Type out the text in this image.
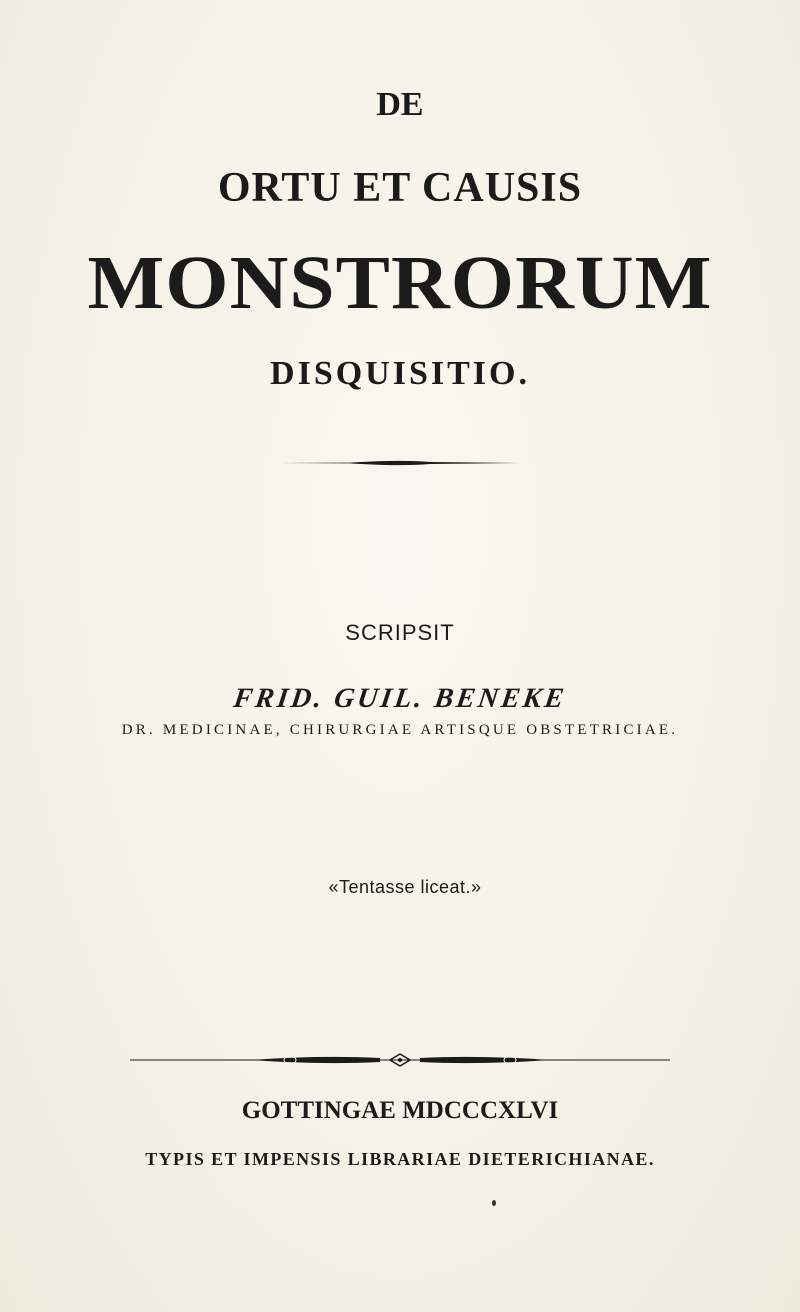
DE
ORTU ET CAUSIS
MONSTRORUM
DISQUISITIO.
SCRIPSIT
FRID. GUIL. BENEKE
DR. MEDICINAE, CHIRURGIAE ARTISQUE OBSTETRICIAE.
«Tentasse liceat.»
GOTTINGAE MDCCCXLVI
TYPIS ET IMPENSIS LIBRARIAE DIETERICHIANAE.
